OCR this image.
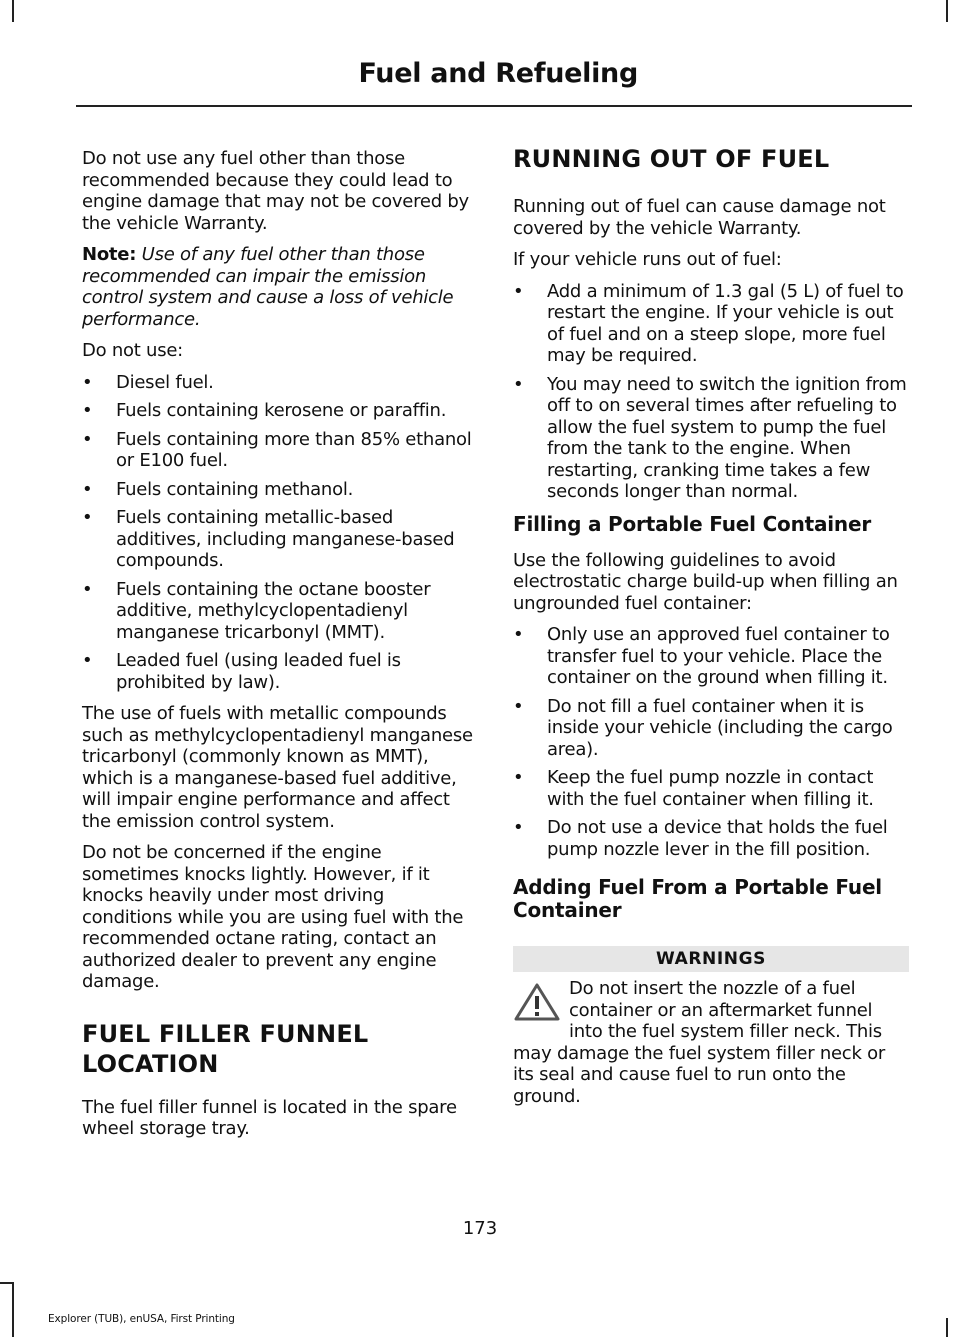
Fuel and Refueling

Do not use any fuel other than those recommended because they could lead to engine damage that may not be covered by the vehicle Warranty.

Note: Use of any fuel other than those recommended can impair the emission control system and cause a loss of vehicle performance.

Do not use:

• Diesel fuel.
• Fuels containing kerosene or paraffin.
• Fuels containing more than 85% ethanol or E100 fuel.
• Fuels containing methanol.
• Fuels containing metallic-based additives, including manganese-based compounds.
• Fuels containing the octane booster additive, methylcyclopentadienyl manganese tricarbonyl (MMT).
• Leaded fuel (using leaded fuel is prohibited by law).

The use of fuels with metallic compounds such as methylcyclopentadienyl manganese tricarbonyl (commonly known as MMT), which is a manganese-based fuel additive, will impair engine performance and affect the emission control system.

Do not be concerned if the engine sometimes knocks lightly. However, if it knocks heavily under most driving conditions while you are using fuel with the recommended octane rating, contact an authorized dealer to prevent any engine damage.

FUEL FILLER FUNNEL
LOCATION

The fuel filler funnel is located in the spare wheel storage tray.

RUNNING OUT OF FUEL

Running out of fuel can cause damage not covered by the vehicle Warranty.

If your vehicle runs out of fuel:

• Add a minimum of 1.3 gal (5 L) of fuel to restart the engine. If your vehicle is out of fuel and on a steep slope, more fuel may be required.
• You may need to switch the ignition from off to on several times after refueling to allow the fuel system to pump the fuel from the tank to the engine. When restarting, cranking time takes a few seconds longer than normal.
Filling a Portable Fuel Container

Use the following guidelines to avoid electrostatic charge build-up when filling an ungrounded fuel container:

• Only use an approved fuel container to transfer fuel to your vehicle. Place the container on the ground when filling it.
• Do not fill a fuel container when it is inside your vehicle (including the cargo area).
• Keep the fuel pump nozzle in contact with the fuel container when filling it.
• Do not use a device that holds the fuel pump nozzle lever in the fill position.
Adding Fuel From a Portable Fuel Container
WARNINGS

Do not insert the nozzle of a fuel container or an aftermarket funnel into the fuel system filler neck. This may damage the fuel system filler neck or its seal and cause fuel to run onto the ground.

173
Explorer (TUB), enUSA, First Printing
